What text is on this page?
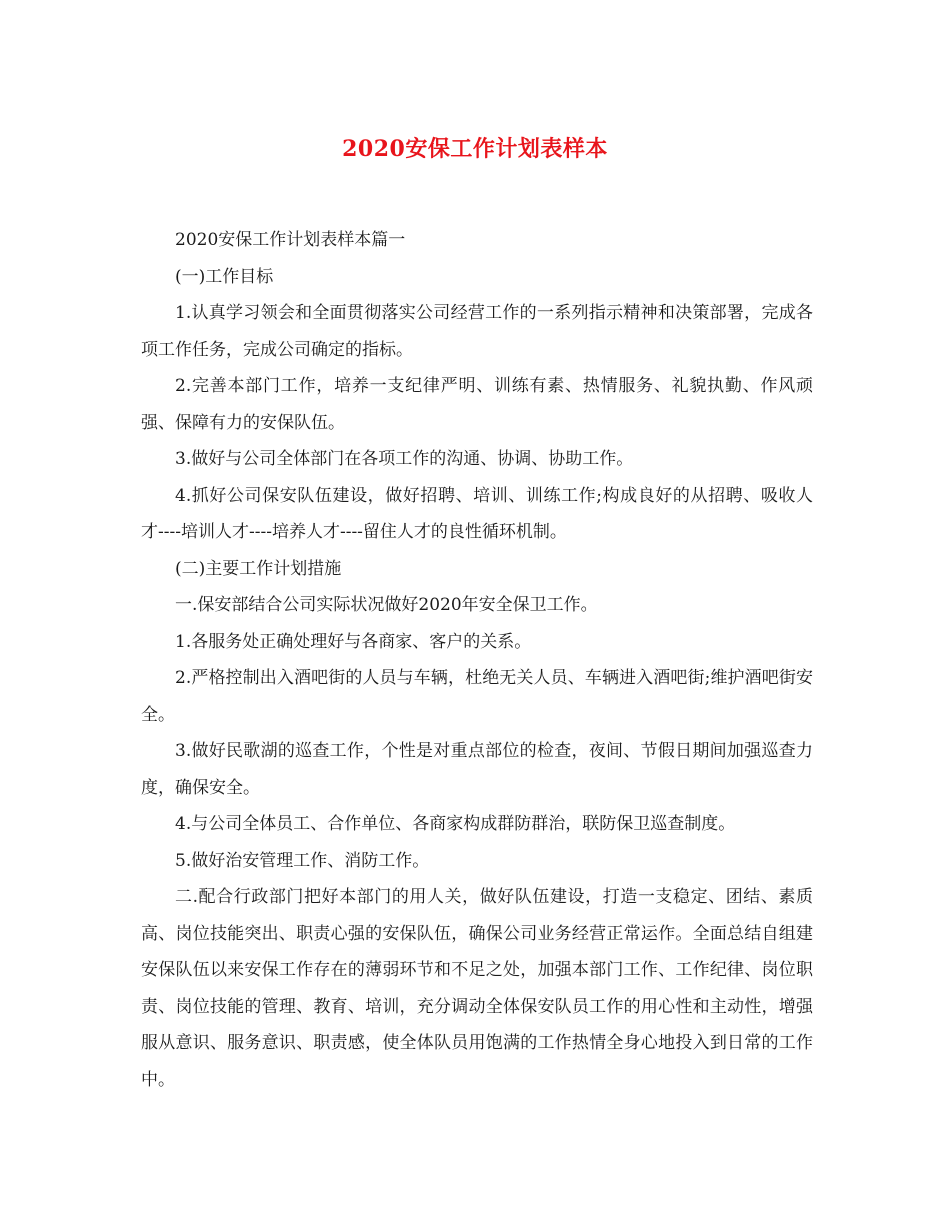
2020安保工作计划表样本

2020安保工作计划表样本篇一

(一)工作目标

1.认真学习领会和全面贯彻落实公司经营工作的一系列指示精神和决策部署，完成各项工作任务，完成公司确定的指标。

2.完善本部门工作，培养一支纪律严明、训练有素、热情服务、礼貌执勤、作风顽强、保障有力的安保队伍。

3.做好与公司全体部门在各项工作的沟通、协调、协助工作。

4.抓好公司保安队伍建设，做好招聘、培训、训练工作;构成良好的从招聘、吸收人才----培训人才----培养人才----留住人才的良性循环机制。

(二)主要工作计划措施

一.保安部结合公司实际状况做好2020年安全保卫工作。

1.各服务处正确处理好与各商家、客户的关系。

2.严格控制出入酒吧街的人员与车辆，杜绝无关人员、车辆进入酒吧街;维护酒吧街安全。

3.做好民歌湖的巡查工作，个性是对重点部位的检查，夜间、节假日期间加强巡查力度，确保安全。

4.与公司全体员工、合作单位、各商家构成群防群治，联防保卫巡查制度。

5.做好治安管理工作、消防工作。

二.配合行政部门把好本部门的用人关，做好队伍建设，打造一支稳定、团结、素质高、岗位技能突出、职责心强的安保队伍，确保公司业务经营正常运作。全面总结自组建安保队伍以来安保工作存在的薄弱环节和不足之处，加强本部门工作、工作纪律、岗位职责、岗位技能的管理、教育、培训，充分调动全体保安队员工作的用心性和主动性，增强服从意识、服务意识、职责感，使全体队员用饱满的工作热情全身心地投入到日常的工作中。
